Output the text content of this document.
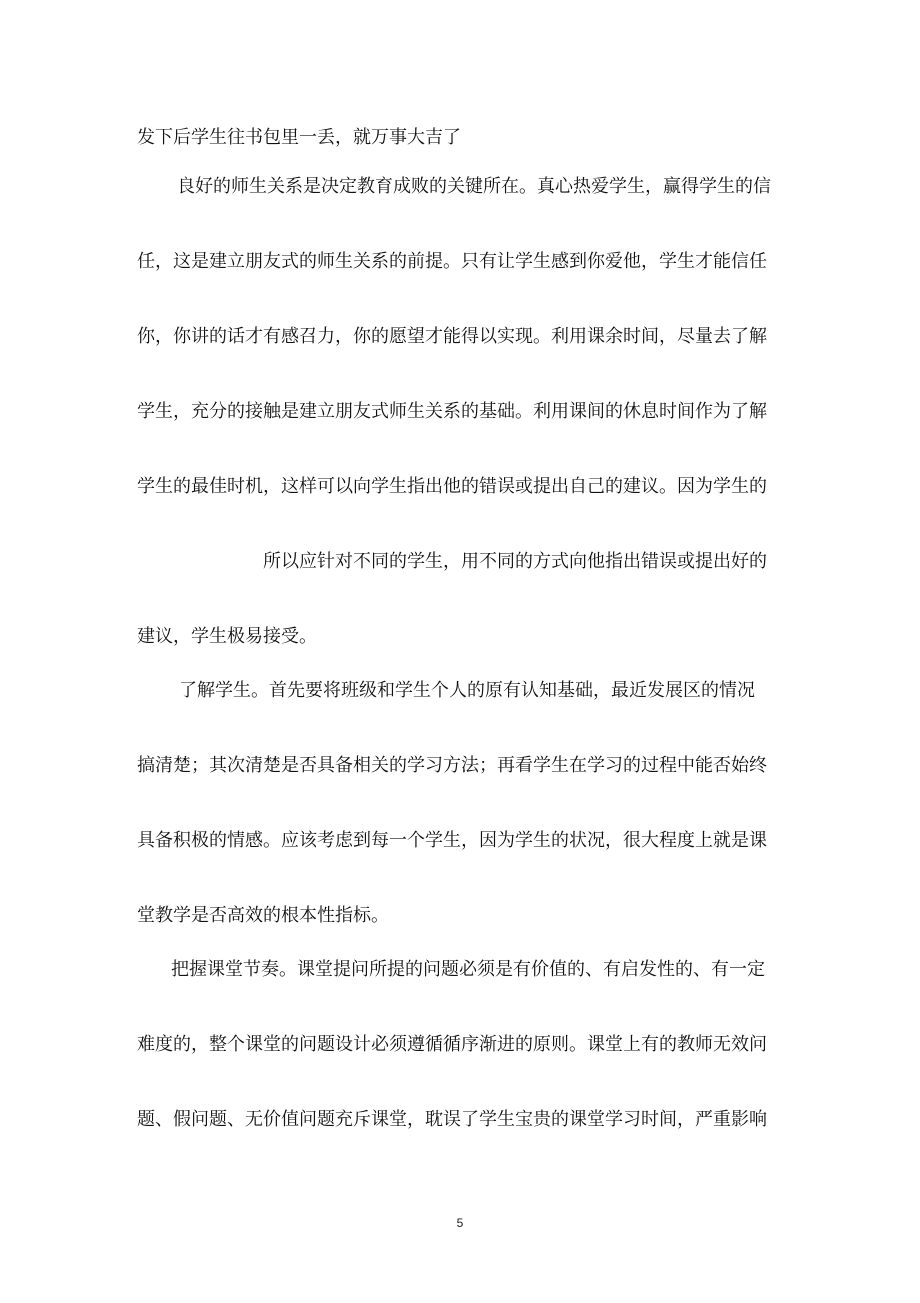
发下后学生往书包里一丢，就万事大吉了

良好的师生关系是决定教育成败的关键所在。真心热爱学生，赢得学生的信

任，这是建立朋友式的师生关系的前提。只有让学生感到你爱他，学生才能信任

你，你讲的话才有感召力，你的愿望才能得以实现。利用课余时间，尽量去了解

学生，充分的接触是建立朋友式师生关系的基础。利用课间的休息时间作为了解

学生的最佳时机，这样可以向学生指出他的错误或提出自己的建议。因为学生的

所以应针对不同的学生，用不同的方式向他指出错误或提出好的

建议，学生极易接受。

了解学生。首先要将班级和学生个人的原有认知基础，最近发展区的情况

搞清楚；其次清楚是否具备相关的学习方法；再看学生在学习的过程中能否始终

具备积极的情感。应该考虑到每一个学生，因为学生的状况，很大程度上就是课

堂教学是否高效的根本性指标。

把握课堂节奏。课堂提问所提的问题必须是有价值的、有启发性的、有一定

难度的，整个课堂的问题设计必须遵循循序渐进的原则。课堂上有的教师无效问

题、假问题、无价值问题充斥课堂，耽误了学生宝贵的课堂学习时间，严重影响

5
